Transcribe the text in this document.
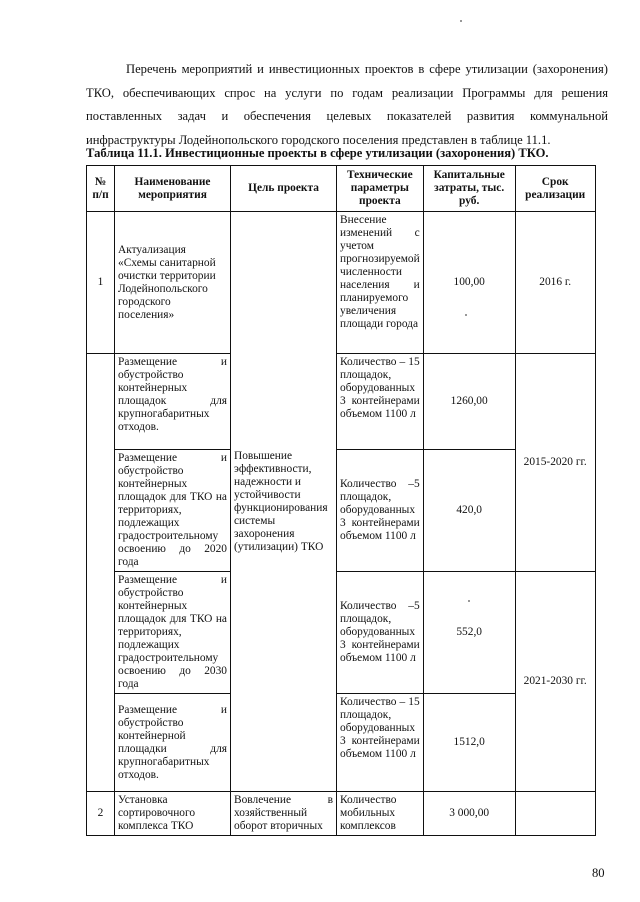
Перечень мероприятий и инвестиционных проектов в сфере утилизации (захоронения) ТКО, обеспечивающих спрос на услуги по годам реализации Программы для решения поставленных задач и обеспечения целевых показателей развития коммунальной инфраструктуры Лодейнопольского городского поселения представлен в таблице 11.1.

Таблица 11.1. Инвестиционные проекты в сфере утилизации (захоронения) ТКО.

№ п/п	Наименование мероприятия	Цель проекта	Технические параметры проекта	Капитальные затраты, тыс. руб.	Срок реализации
1	Актуализация «Схемы санитарной очистки территории Лодейнопольского городского поселения»	Повышение эффективности, надежности и устойчивости функционирования системы захоронения (утилизации) ТКО	Внесение изменений с учетом прогнозируемой численности населения и планируемого увеличения площади города	100,00	2016 г.
	Размещение и обустройство контейнерных площадок для крупногабаритных отходов.		Количество – 15 площадок, оборудованных 3 контейнерами объемом 1100 л	1260,00	2015-2020 гг.
	Размещение и обустройство контейнерных площадок для ТКО на территориях, подлежащих градостроительному освоению до 2020 года		Количество –5 площадок, оборудованных 3 контейнерами объемом 1100 л	420,0	
	Размещение и обустройство контейнерных площадок для ТКО на территориях, подлежащих градостроительному освоению до 2030 года		Количество –5 площадок, оборудованных 3 контейнерами объемом 1100 л	552,0	2021-2030 гг.
	Размещение и обустройство контейнерной площадки для крупногабаритных отходов.		Количество – 15 площадок, оборудованных 3 контейнерами объемом 1100 л	1512,0	
2	Установка сортировочного комплекса ТКО	Вовлечение в хозяйственный оборот вторичных	Количество мобильных комплексов	3 000,00	
80
